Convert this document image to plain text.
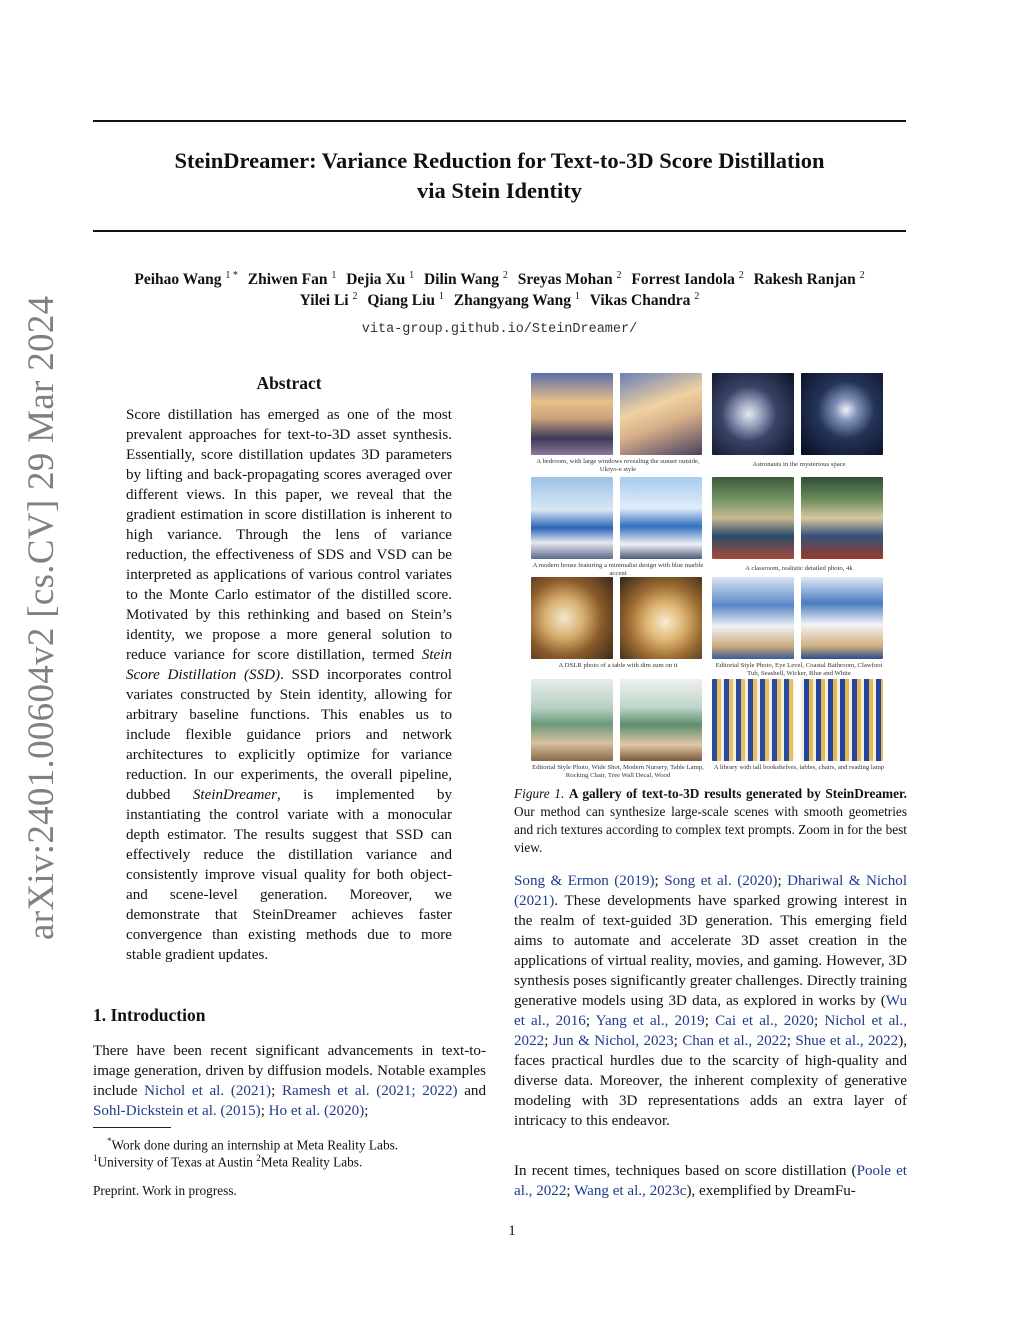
arXiv:2401.00604v2 [cs.CV] 29 Mar 2024
SteinDreamer: Variance Reduction for Text-to-3D Score Distillation
via Stein Identity
Peihao Wang $^{1 *}$ Zhiwen Fan $^1$ Dejia Xu $^1$ Dilin Wang $^2$ Sreyas Mohan $^2$ Forrest Iandola $^2$ Rakesh Ranjan $^2$
Yilei Li $^2$ Qiang Liu $^1$ Zhangyang Wang $^1$ Vikas Chandra $^2$
vita-group.github.io/SteinDreamer/
Abstract
Score distillation has emerged as one of the most prevalent approaches for text-to-3D asset synthesis. Essentially, score distillation updates 3D parameters by lifting and back-propagating scores averaged over different views. In this paper, we reveal that the gradient estimation in score distillation is inherent to high variance. Through the lens of variance reduction, the effectiveness of SDS and VSD can be interpreted as applications of various control variates to the Monte Carlo estimator of the distilled score. Motivated by this rethinking and based on Stein’s identity, we propose a more general solution to reduce variance for score distillation, termed Stein Score Distillation (SSD). SSD incorporates control variates constructed by Stein identity, allowing for arbitrary baseline functions. This enables us to include flexible guidance priors and network architectures to explicitly optimize for variance reduction. In our experiments, the overall pipeline, dubbed SteinDreamer, is implemented by instantiating the control variate with a monocular depth estimator. The results suggest that SSD can effectively reduce the distillation variance and consistently improve visual quality for both object- and scene-level generation. Moreover, we demonstrate that SteinDreamer achieves faster convergence than existing methods due to more stable gradient updates.
1. Introduction
There have been recent significant advancements in text-to-image generation, driven by diffusion models. Notable examples include Nichol et al. (2021); Ramesh et al. (2021; 2022) and Sohl-Dickstein et al. (2015); Ho et al. (2020);
*Work done during an internship at Meta Reality Labs.
$^1$University of Texas at Austin $^2$Meta Reality Labs.
Preprint. Work in progress.
A bedroom, with large windows revealing the sunset outside, Ukiyo-e style
Astronauts in the mysterious space
A modern house featuring a minimalist design with blue marble accent
A classroom, realistic detailed photo, 4k
A DSLR photo of a table with dim sum on it	Editorial Style Photo, Eye Level, Coastal Bathroom, Clawfoot Tub, Seashell, Wicker, Blue and White
Editorial Style Photo, Wide Shot, Modern Nursery, Table Lamp, Rocking Chair, Tree Wall Decal, Wood
A library with tall bookshelves, tables, chairs, and reading lamp
Figure 1. A gallery of text-to-3D results generated by SteinDreamer. Our method can synthesize large-scale scenes with smooth geometries and rich textures according to complex text prompts. Zoom in for the best view.
Song & Ermon (2019); Song et al. (2020); Dhariwal & Nichol (2021). These developments have sparked growing interest in the realm of text-guided 3D generation. This emerging field aims to automate and accelerate 3D asset creation in the applications of virtual reality, movies, and gaming. However, 3D synthesis poses significantly greater challenges. Directly training generative models using 3D data, as explored in works by (Wu et al., 2016; Yang et al., 2019; Cai et al., 2020; Nichol et al., 2022; Jun & Nichol, 2023; Chan et al., 2022; Shue et al., 2022), faces practical hurdles due to the scarcity of high-quality and diverse data. Moreover, the inherent complexity of generative modeling with 3D representations adds an extra layer of intricacy to this endeavor.
In recent times, techniques based on score distillation (Poole et al., 2022; Wang et al., 2023c), exemplified by DreamFu-
1
